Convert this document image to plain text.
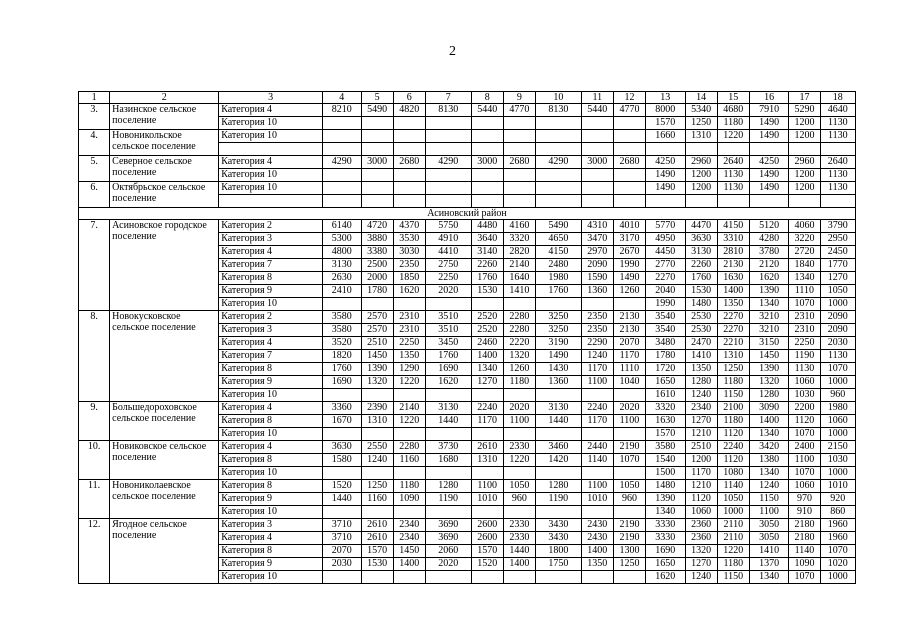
2
1	2	3	4	5	6	7	8	9	10	11	12	13	14	15	16	17	18
3.	Назинское сельское поселение	Категория 4	8210	5490	4820	8130	5440	4770	8130	5440	4770	8000	5340	4680	7910	5290	4640
		Категория 10										1570	1250	1180	1490	1200	1130
4.	Новоникольское сельское поселение	Категория 10										1660	1310	1220	1490	1200	1130

5.	Северное сельское поселение	Категория 4	4290	3000	2680	4290	3000	2680	4290	3000	2680	4250	2960	2640	4250	2960	2640
		Категория 10										1490	1200	1130	1490	1200	1130
6.	Октябрьское сельское поселение	Категория 10										1490	1200	1130	1490	1200	1130

Асиновский район																	
7.	Асиновское городское поселение	Категория 2	6140	4720	4370	5750	4480	4160	5490	4310	4010	5770	4470	4150	5120	4060	3790
		Категория 3	5300	3880	3530	4910	3640	3320	4650	3470	3170	4950	3630	3310	4280	3220	2950
		Категория 4	4800	3380	3030	4410	3140	2820	4150	2970	2670	4450	3130	2810	3780	2720	2450
		Категория 7	3130	2500	2350	2750	2260	2140	2480	2090	1990	2770	2260	2130	2120	1840	1770
		Категория 8	2630	2000	1850	2250	1760	1640	1980	1590	1490	2270	1760	1630	1620	1340	1270
		Категория 9	2410	1780	1620	2020	1530	1410	1760	1360	1260	2040	1530	1400	1390	1110	1050
		Категория 10										1990	1480	1350	1340	1070	1000
8.	Новокусковское сельское поселение	Категория 2	3580	2570	2310	3510	2520	2280	3250	2350	2130	3540	2530	2270	3210	2310	2090
		Категория 3	3580	2570	2310	3510	2520	2280	3250	2350	2130	3540	2530	2270	3210	2310	2090
		Категория 4	3520	2510	2250	3450	2460	2220	3190	2290	2070	3480	2470	2210	3150	2250	2030
		Категория 7	1820	1450	1350	1760	1400	1320	1490	1240	1170	1780	1410	1310	1450	1190	1130
		Категория 8	1760	1390	1290	1690	1340	1260	1430	1170	1110	1720	1350	1250	1390	1130	1070
		Категория 9	1690	1320	1220	1620	1270	1180	1360	1100	1040	1650	1280	1180	1320	1060	1000
		Категория 10										1610	1240	1150	1280	1030	960
9.	Большедороховское сельское поселение	Категория 4	3360	2390	2140	3130	2240	2020	3130	2240	2020	3320	2340	2100	3090	2200	1980
		Категория 8	1670	1310	1220	1440	1170	1100	1440	1170	1100	1630	1270	1180	1400	1120	1060
		Категория 10										1570	1210	1120	1340	1070	1000
10.	Новиковское сельское поселение	Категория 4	3630	2550	2280	3730	2610	2330	3460	2440	2190	3580	2510	2240	3420	2400	2150
		Категория 8	1580	1240	1160	1680	1310	1220	1420	1140	1070	1540	1200	1120	1380	1100	1030
		Категория 10										1500	1170	1080	1340	1070	1000
11.	Новониколаевское сельское поселение	Категория 8	1520	1250	1180	1280	1100	1050	1280	1100	1050	1480	1210	1140	1240	1060	1010
		Категория 9	1440	1160	1090	1190	1010	960	1190	1010	960	1390	1120	1050	1150	970	920
		Категория 10										1340	1060	1000	1100	910	860
12.	Ягодное сельское поселение	Категория 3	3710	2610	2340	3690	2600	2330	3430	2430	2190	3330	2360	2110	3050	2180	1960
		Категория 4	3710	2610	2340	3690	2600	2330	3430	2430	2190	3330	2360	2110	3050	2180	1960
		Категория 8	2070	1570	1450	2060	1570	1440	1800	1400	1300	1690	1320	1220	1410	1140	1070
		Категория 9	2030	1530	1400	2020	1520	1400	1750	1350	1250	1650	1270	1180	1370	1090	1020
		Категория 10										1620	1240	1150	1340	1070	1000
